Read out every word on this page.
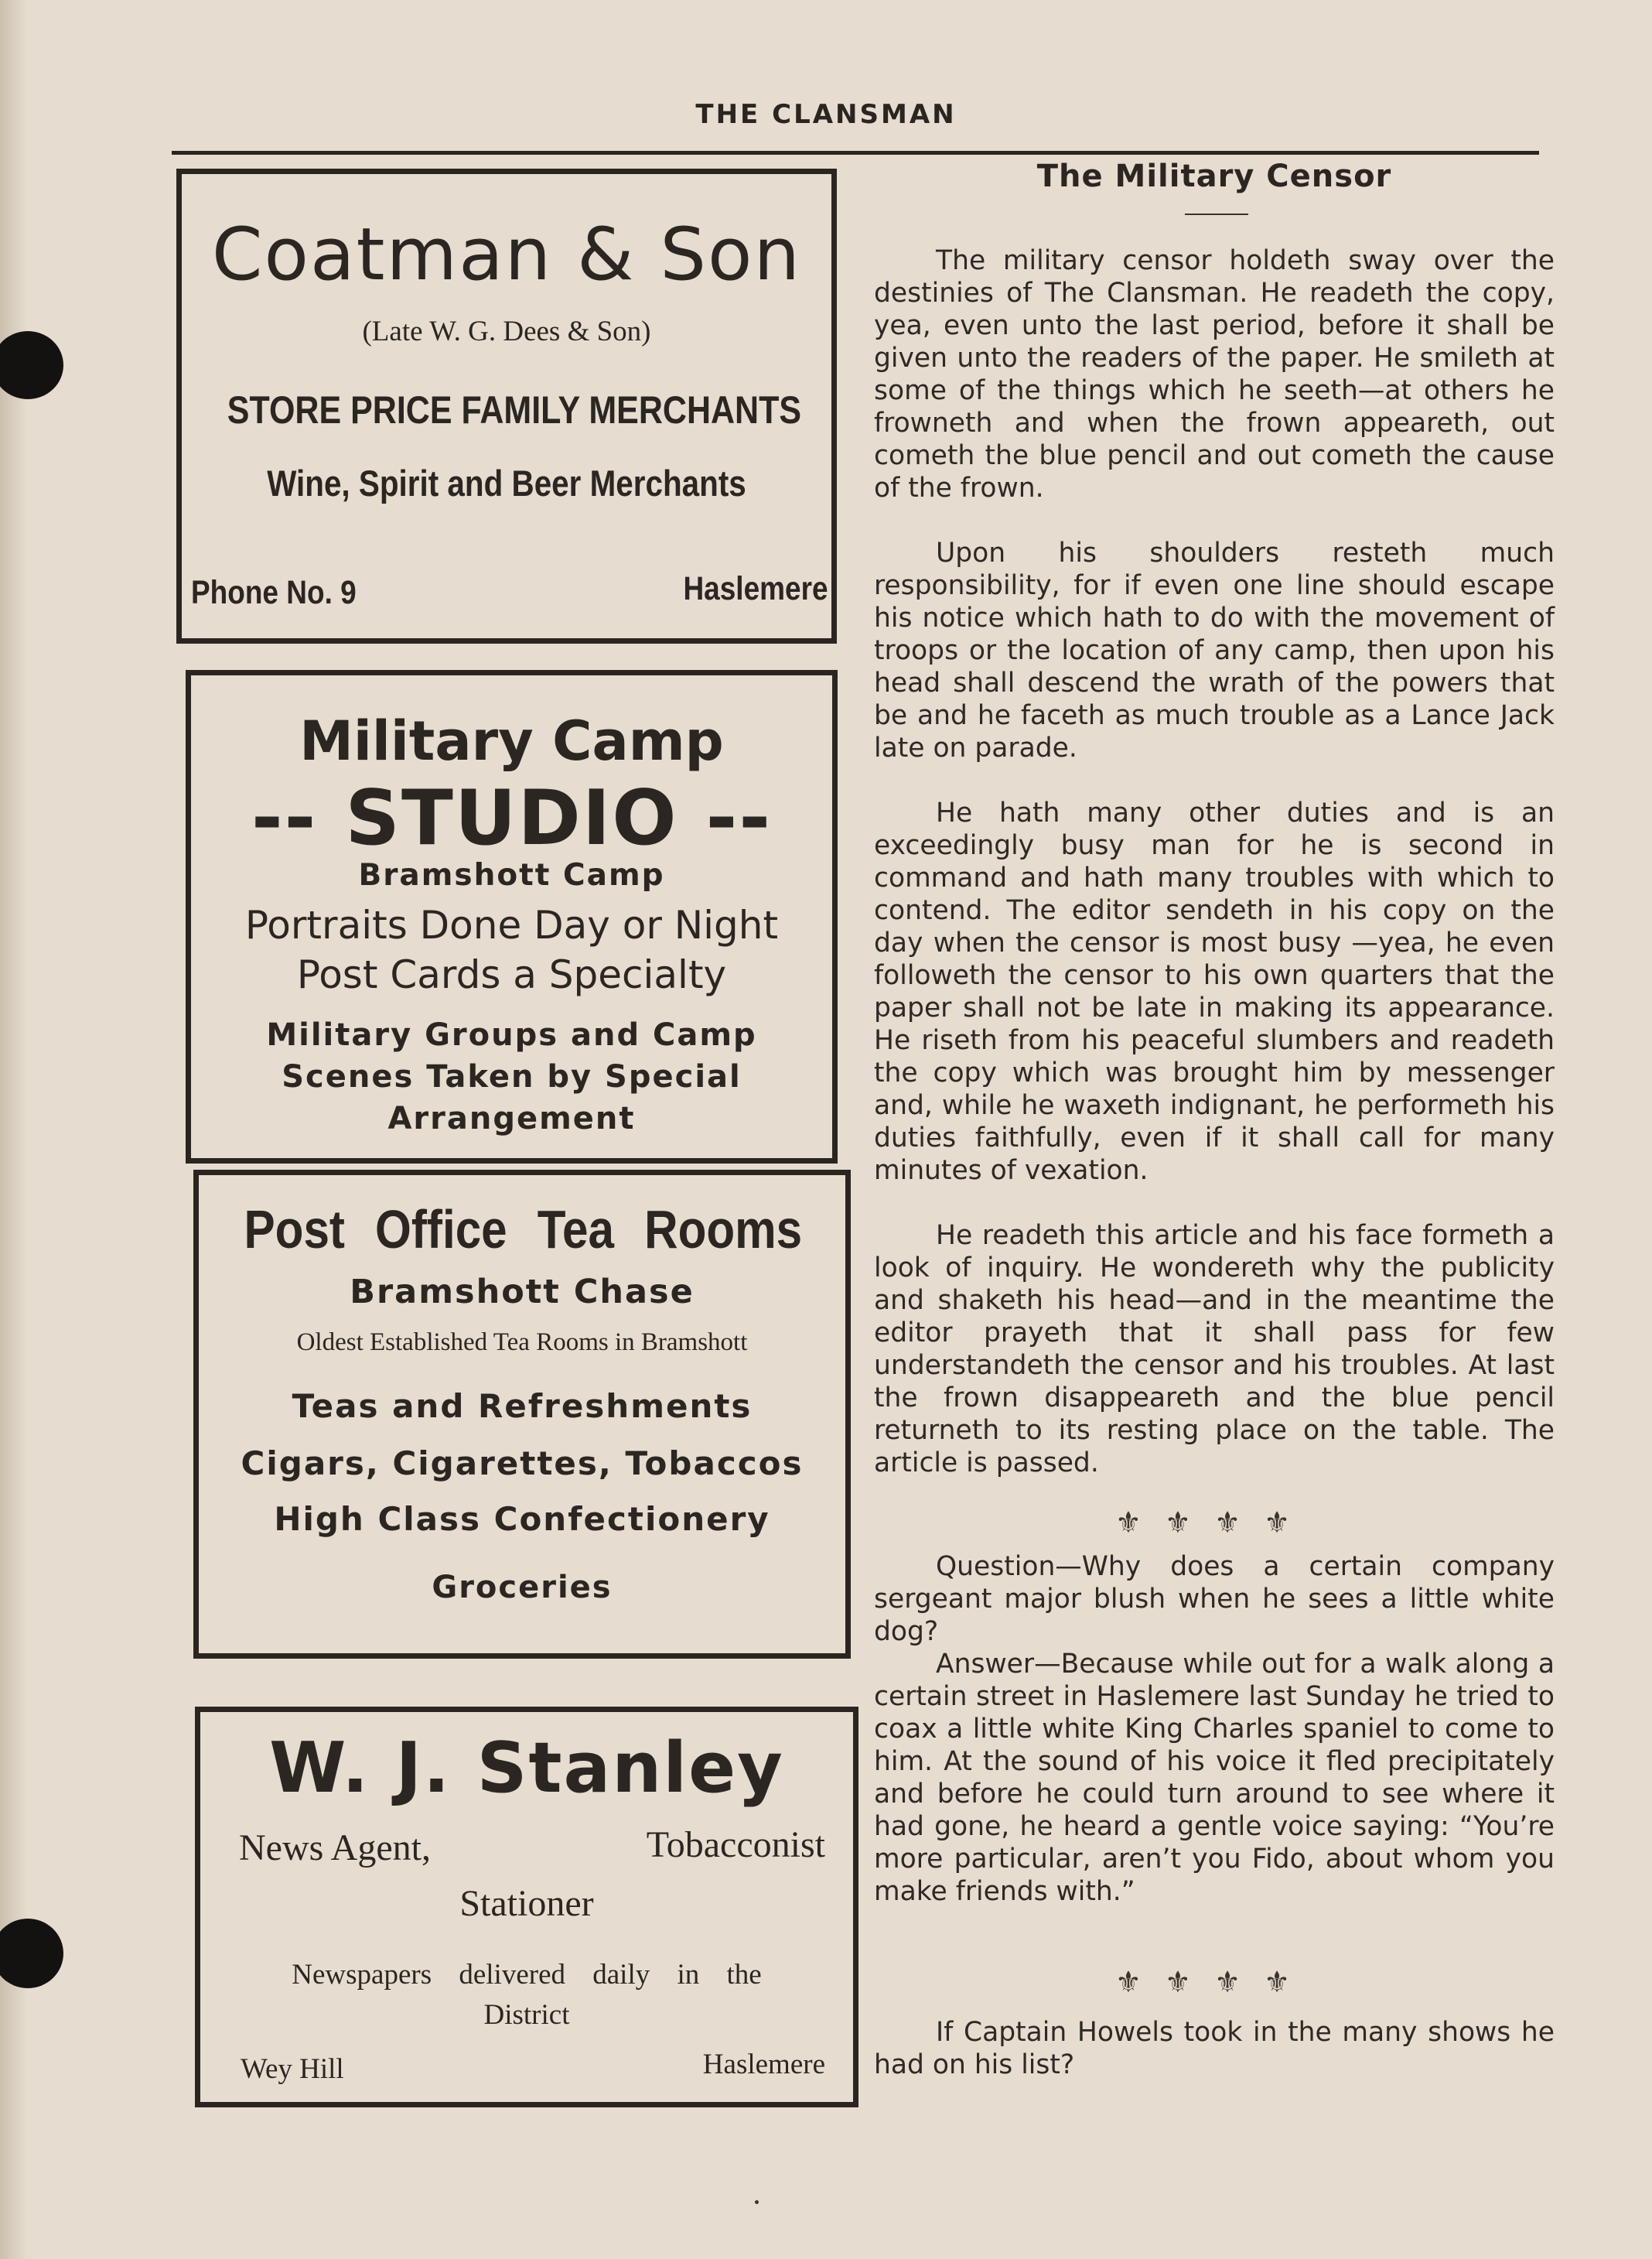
THE CLANSMAN
Coatman & Son
(Late W. G. Dees & Son)
STORE PRICE FAMILY MERCHANTS
Wine, Spirit and Beer Merchants
Phone No. 9	Haslemere
Military Camp
-- STUDIO --
Bramshott Camp
Portraits Done Day or Night
Post Cards a Specialty
Military Groups and Camp
Scenes Taken by Special
Arrangement
Post Office Tea Rooms
Bramshott Chase
Oldest Established Tea Rooms in Bramshott
Teas and Refreshments
Cigars, Cigarettes, Tobaccos
High Class Confectionery
Groceries
W. J. Stanley
News Agent,	Tobacconist
Stationer
Newspapers delivered daily in the
District
Wey Hill	Haslemere
The Military Censor

The military censor holdeth sway over the destinies of The Clansman. He readeth the copy, yea, even unto the last period, before it shall be given unto the readers of the paper. He smileth at some of the things which he seeth—at others he frowneth and when the frown appeareth, out cometh the blue pencil and out cometh the cause of the frown.

Upon his shoulders resteth much responsibility, for if even one line should escape his notice which hath to do with the movement of troops or the location of any camp, then upon his head shall descend the wrath of the powers that be and he faceth as much trouble as a Lance Jack late on parade.

He hath many other duties and is an exceedingly busy man for he is second in command and hath many troubles with which to contend. The editor sendeth in his copy on the day when the censor is most busy —yea, he even followeth the censor to his own quarters that the paper shall not be late in making its appearance. He riseth from his peaceful slumbers and readeth the copy which was brought him by messenger and, while he waxeth indignant, he performeth his duties faithfully, even if it shall call for many minutes of vexation.

He readeth this article and his face formeth a look of inquiry. He wondereth why the publicity and shaketh his head—and in the meantime the editor prayeth that it shall pass for few understandeth the censor and his troubles. At last the frown disappeareth and the blue pencil returneth to its resting place on the table. The article is passed.

⚜⚜⚜⚜

Question—Why does a certain company sergeant major blush when he sees a little white dog?

Answer—Because while out for a walk along a certain street in Haslemere last Sunday he tried to coax a little white King Charles spaniel to come to him. At the sound of his voice it fled precipitately and before he could turn around to see where it had gone, he heard a gentle voice saying: “You’re more particular, aren’t you Fido, about whom you make friends with.”

⚜⚜⚜⚜

If Captain Howels took in the many shows he had on his list?
